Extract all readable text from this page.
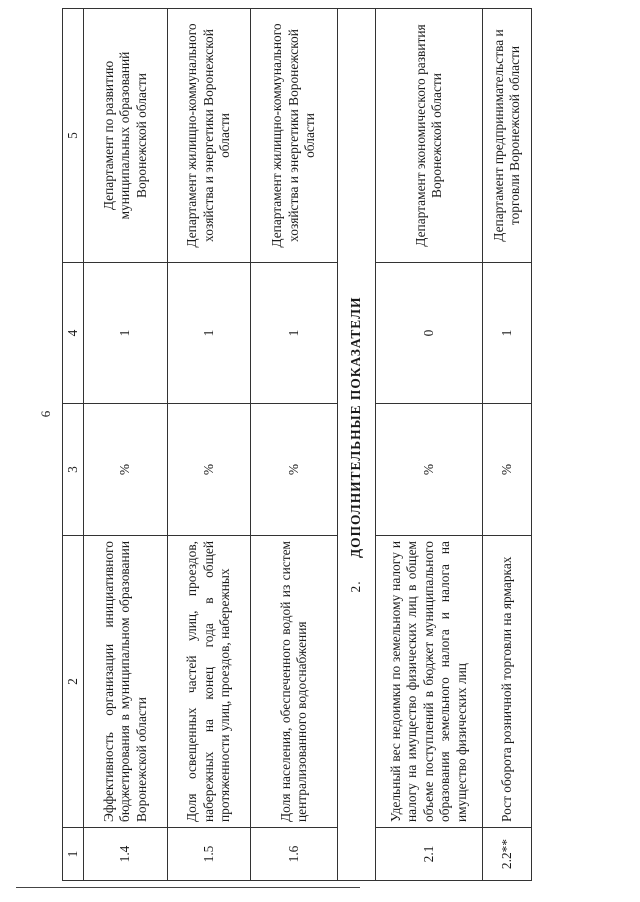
6
1	2	3	4	5
1.4	Эффективность организации инициативного бюджетирования в муниципальном образовании Воронежской области	%	1	Департамент по развитию муниципальных образований Воронежской области
1.5	Доля освещенных частей улиц, проездов, набережных на конец года в общей протяженности улиц, проездов, набережных	%	1	Департамент жилищно-коммунального хозяйства и энергетики Воронежской области
1.6	Доля населения, обеспеченного водой из систем централизованного водоснабжения	%	1	Департамент жилищно-коммунального хозяйства и энергетики Воронежской области
2. ДОПОЛНИТЕЛЬНЫЕ ПОКАЗАТЕЛИ				
2.1	Удельный вес недоимки по земельному налогу и налогу на имущество физических лиц в общем объеме поступлений в бюджет муниципального образования земельного налога и налога на имущество физических лиц	%	0	Департамент экономического развития Воронежской области
2.2**	Рост оборота розничной торговли на ярмарках	%	1	Департамент предпринимательства и торговли Воронежской области
